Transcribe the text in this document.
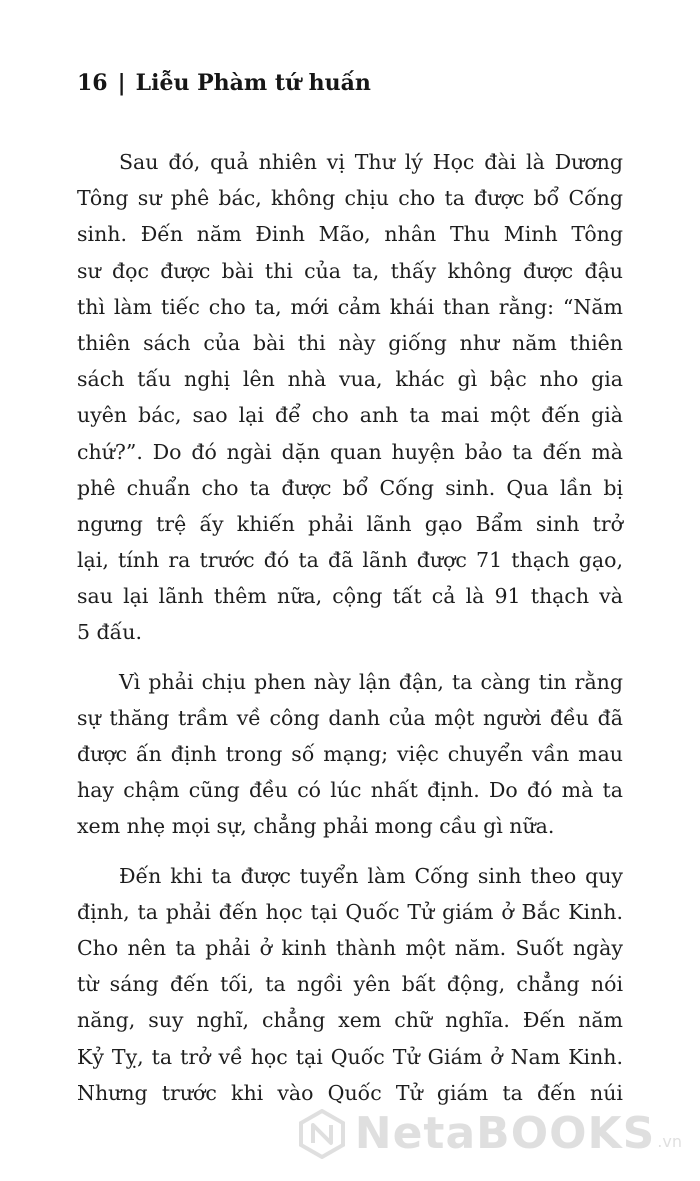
16 | Liễu Phàm tứ huấn
Sau đó, quả nhiên vị Thư lý Học đài là Dương
Tông sư phê bác, không chịu cho ta được bổ Cống
sinh. Đến năm Đinh Mão, nhân Thu Minh Tông
sư đọc được bài thi của ta, thấy không được đậu
thì làm tiếc cho ta, mới cảm khái than rằng: “Năm
thiên sách của bài thi này giống như năm thiên
sách tấu nghị lên nhà vua, khác gì bậc nho gia
uyên bác, sao lại để cho anh ta mai một đến già
chứ?”. Do đó ngài dặn quan huyện bảo ta đến mà
phê chuẩn cho ta được bổ Cống sinh. Qua lần bị
ngưng trệ ấy khiến phải lãnh gạo Bẩm sinh trở
lại, tính ra trước đó ta đã lãnh được 71 thạch gạo,
sau lại lãnh thêm nữa, cộng tất cả là 91 thạch và
5 đấu.
Vì phải chịu phen này lận đận, ta càng tin rằng
sự thăng trầm về công danh của một người đều đã
được ấn định trong số mạng; việc chuyển vần mau
hay chậm cũng đều có lúc nhất định. Do đó mà ta
xem nhẹ mọi sự, chẳng phải mong cầu gì nữa.
Đến khi ta được tuyển làm Cống sinh theo quy
định, ta phải đến học tại Quốc Tử giám ở Bắc Kinh.
Cho nên ta phải ở kinh thành một năm. Suốt ngày
từ sáng đến tối, ta ngồi yên bất động, chẳng nói
năng, suy nghĩ, chẳng xem chữ nghĩa. Đến năm
Kỷ Tỵ, ta trở về học tại Quốc Tử Giám ở Nam Kinh.
Nhưng trước khi vào Quốc Tử giám ta đến núi
NetaBOOKS .vn
